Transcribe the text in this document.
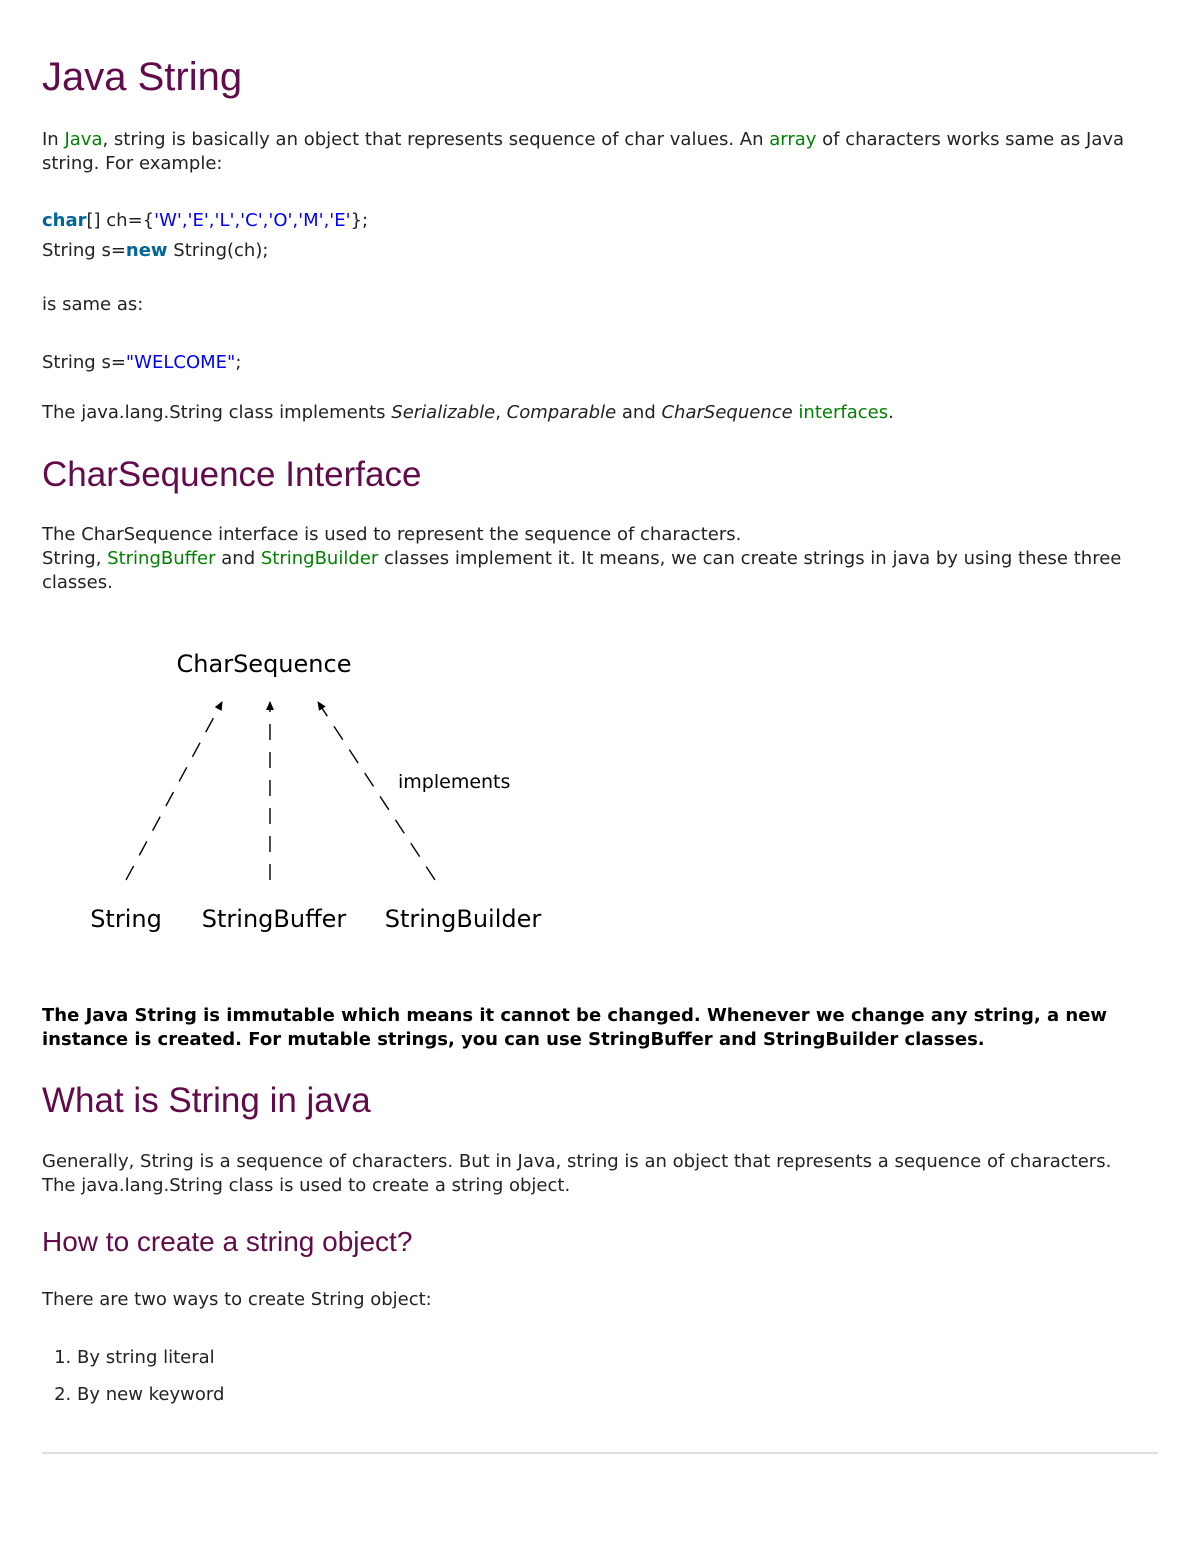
Java String

In Java, string is basically an object that represents sequence of char values. An array of characters works same as Java string. For example:

char[] ch={'W','E','L','C','O','M','E'};
String s=new String(ch);

is same as:

String s="WELCOME";

The java.lang.String class implements Serializable, Comparable and CharSequence interfaces.

CharSequence Interface

The CharSequence interface is used to represent the sequence of characters.

String, StringBuffer and StringBuilder classes implement it. It means, we can create strings in java by using these three classes.

The Java String is immutable which means it cannot be changed. Whenever we change any string, a new instance is created. For mutable strings, you can use StringBuffer and StringBuilder classes.

What is String in java

Generally, String is a sequence of characters. But in Java, string is an object that represents a sequence of characters. The java.lang.String class is used to create a string object.

How to create a string object?

There are two ways to create String object:

1. By string literal
2. By new keyword
CharSequence
implements
String StringBuffer StringBuilder
